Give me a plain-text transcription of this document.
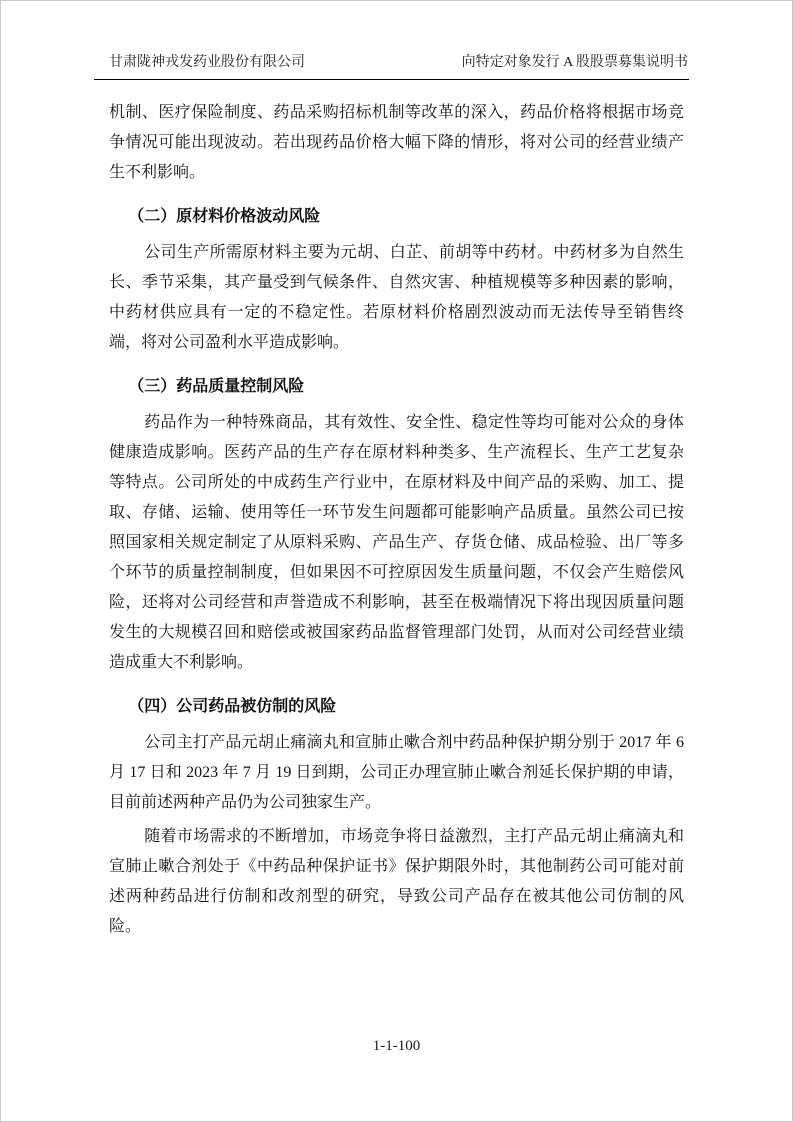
甘肃陇神戎发药业股份有限公司	向特定对象发行 A 股股票募集说明书

机制、医疗保险制度、药品采购招标机制等改革的深入，药品价格将根据市场竞争情况可能出现波动。若出现药品价格大幅下降的情形，将对公司的经营业绩产生不利影响。

（二）原材料价格波动风险

公司生产所需原材料主要为元胡、白芷、前胡等中药材。中药材多为自然生长、季节采集，其产量受到气候条件、自然灾害、种植规模等多种因素的影响，中药材供应具有一定的不稳定性。若原材料价格剧烈波动而无法传导至销售终端，将对公司盈利水平造成影响。

（三）药品质量控制风险

药品作为一种特殊商品，其有效性、安全性、稳定性等均可能对公众的身体健康造成影响。医药产品的生产存在原材料种类多、生产流程长、生产工艺复杂等特点。公司所处的中成药生产行业中，在原材料及中间产品的采购、加工、提取、存储、运输、使用等任一环节发生问题都可能影响产品质量。虽然公司已按照国家相关规定制定了从原料采购、产品生产、存货仓储、成品检验、出厂等多个环节的质量控制制度，但如果因不可控原因发生质量问题，不仅会产生赔偿风险，还将对公司经营和声誉造成不利影响，甚至在极端情况下将出现因质量问题发生的大规模召回和赔偿或被国家药品监督管理部门处罚，从而对公司经营业绩造成重大不利影响。

（四）公司药品被仿制的风险

公司主打产品元胡止痛滴丸和宣肺止嗽合剂中药品种保护期分别于 2017 年 6 月 17 日和 2023 年 7 月 19 日到期，公司正办理宣肺止嗽合剂延长保护期的申请，目前前述两种产品仍为公司独家生产。

随着市场需求的不断增加，市场竞争将日益激烈，主打产品元胡止痛滴丸和宣肺止嗽合剂处于《中药品种保护证书》保护期限外时，其他制药公司可能对前述两种药品进行仿制和改剂型的研究，导致公司产品存在被其他公司仿制的风险。

1-1-100
